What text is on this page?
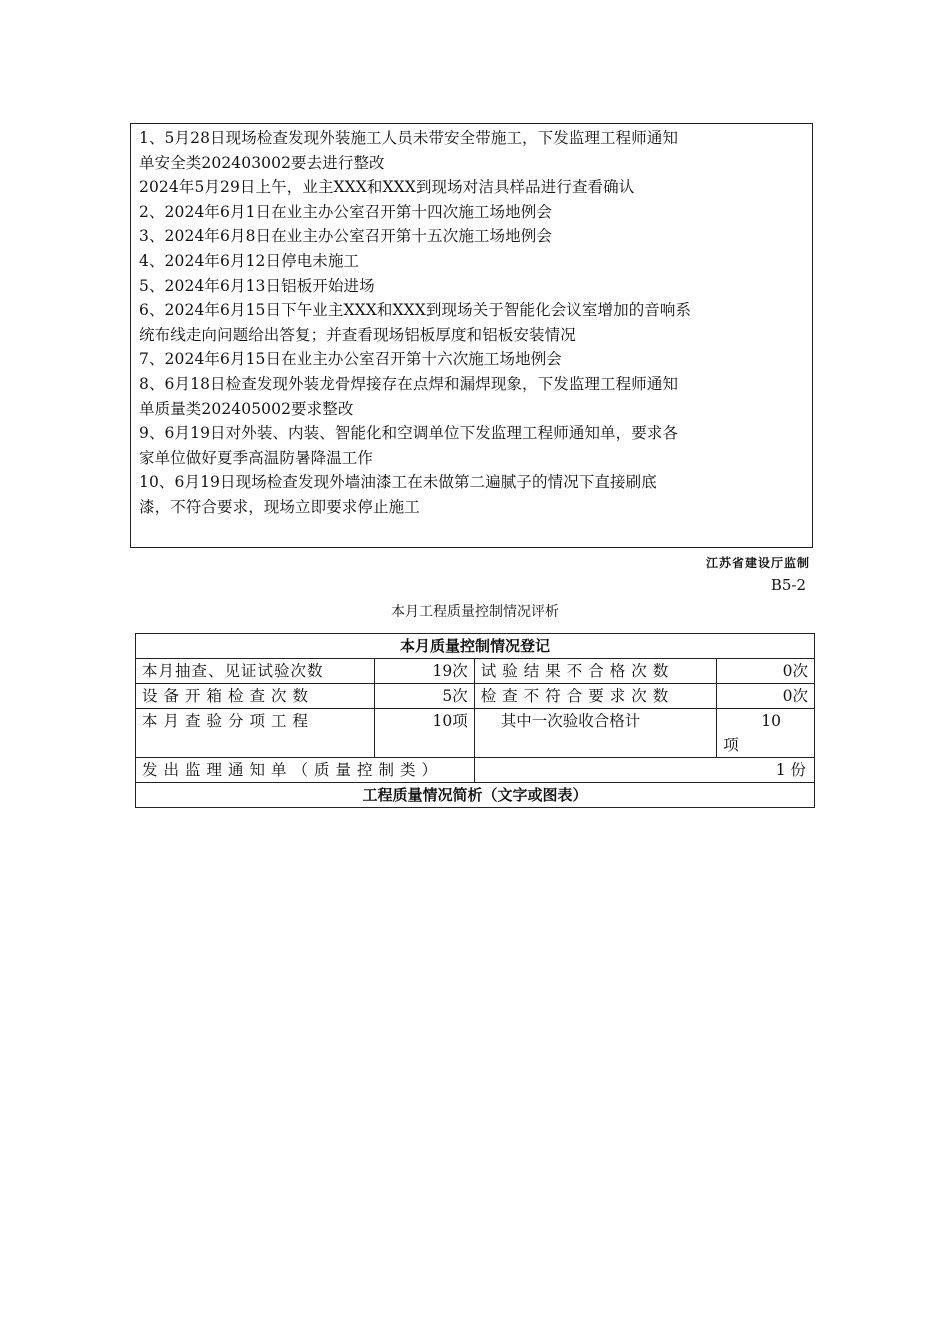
1、5月28日现场检查发现外装施工人员未带安全带施工，下发监理工程师通知

单安全类202403002要去进行整改

2024年5月29日上午，业主XXX和XXX到现场对洁具样品进行查看确认

2、2024年6月1日在业主办公室召开第十四次施工场地例会

3、2024年6月8日在业主办公室召开第十五次施工场地例会

4、2024年6月12日停电未施工

5、2024年6月13日铝板开始进场

6、2024年6月15日下午业主XXX和XXX到现场关于智能化会议室增加的音响系

统布线走向问题给出答复；并查看现场铝板厚度和铝板安装情况

7、2024年6月15日在业主办公室召开第十六次施工场地例会

8、6月18日检查发现外装龙骨焊接存在点焊和漏焊现象，下发监理工程师通知

单质量类202405002要求整改

9、6月19日对外装、内装、智能化和空调单位下发监理工程师通知单，要求各

家单位做好夏季高温防暑降温工作

10、6月19日现场检查发现外墙油漆工在未做第二遍腻子的情况下直接刷底

漆，不符合要求，现场立即要求停止施工

江苏省建设厅监制
B5-2
本月工程质量控制情况评析
本月质量控制情况登记			
本月抽查、见证试验次数	19次	试验结果不合格次数	0次
设备开箱检查次数	5次	检查不符合要求次数	0次
本月查验分项工程	10项	其中一次验收合格计	10
项

发出监理通知单（质量控制类）		1 份	
工程质量情况简析（文字或图表）			
